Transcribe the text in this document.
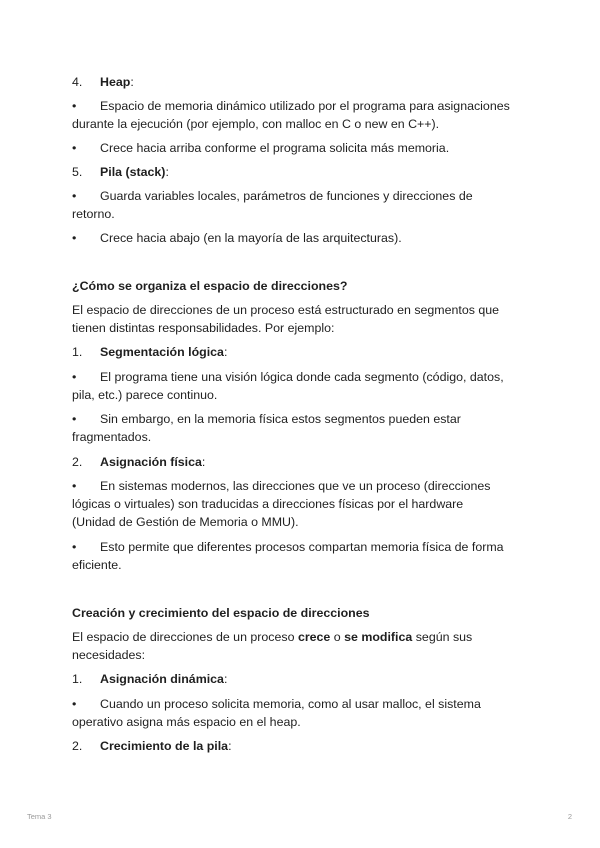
4.	Heap:
•	Espacio de memoria dinámico utilizado por el programa para asignaciones
durante la ejecución (por ejemplo, con malloc en C o new en C++).
•	Crece hacia arriba conforme el programa solicita más memoria.
5.	Pila (stack):
•	Guarda variables locales, parámetros de funciones y direcciones de
retorno.
•	Crece hacia abajo (en la mayoría de las arquitecturas).
¿Cómo se organiza el espacio de direcciones?
El espacio de direcciones de un proceso está estructurado en segmentos que
tienen distintas responsabilidades. Por ejemplo:
1.	Segmentación lógica:
•	El programa tiene una visión lógica donde cada segmento (código, datos,
pila, etc.) parece continuo.
•	Sin embargo, en la memoria física estos segmentos pueden estar
fragmentados.
2.	Asignación física:
•	En sistemas modernos, las direcciones que ve un proceso (direcciones
lógicas o virtuales) son traducidas a direcciones físicas por el hardware
(Unidad de Gestión de Memoria o MMU).
•	Esto permite que diferentes procesos compartan memoria física de forma
eficiente.
Creación y crecimiento del espacio de direcciones
El espacio de direcciones de un proceso crece o se modifica según sus
necesidades:
1.	Asignación dinámica:
•	Cuando un proceso solicita memoria, como al usar malloc, el sistema
operativo asigna más espacio en el heap.
2.	Crecimiento de la pila:
Tema 3	2
